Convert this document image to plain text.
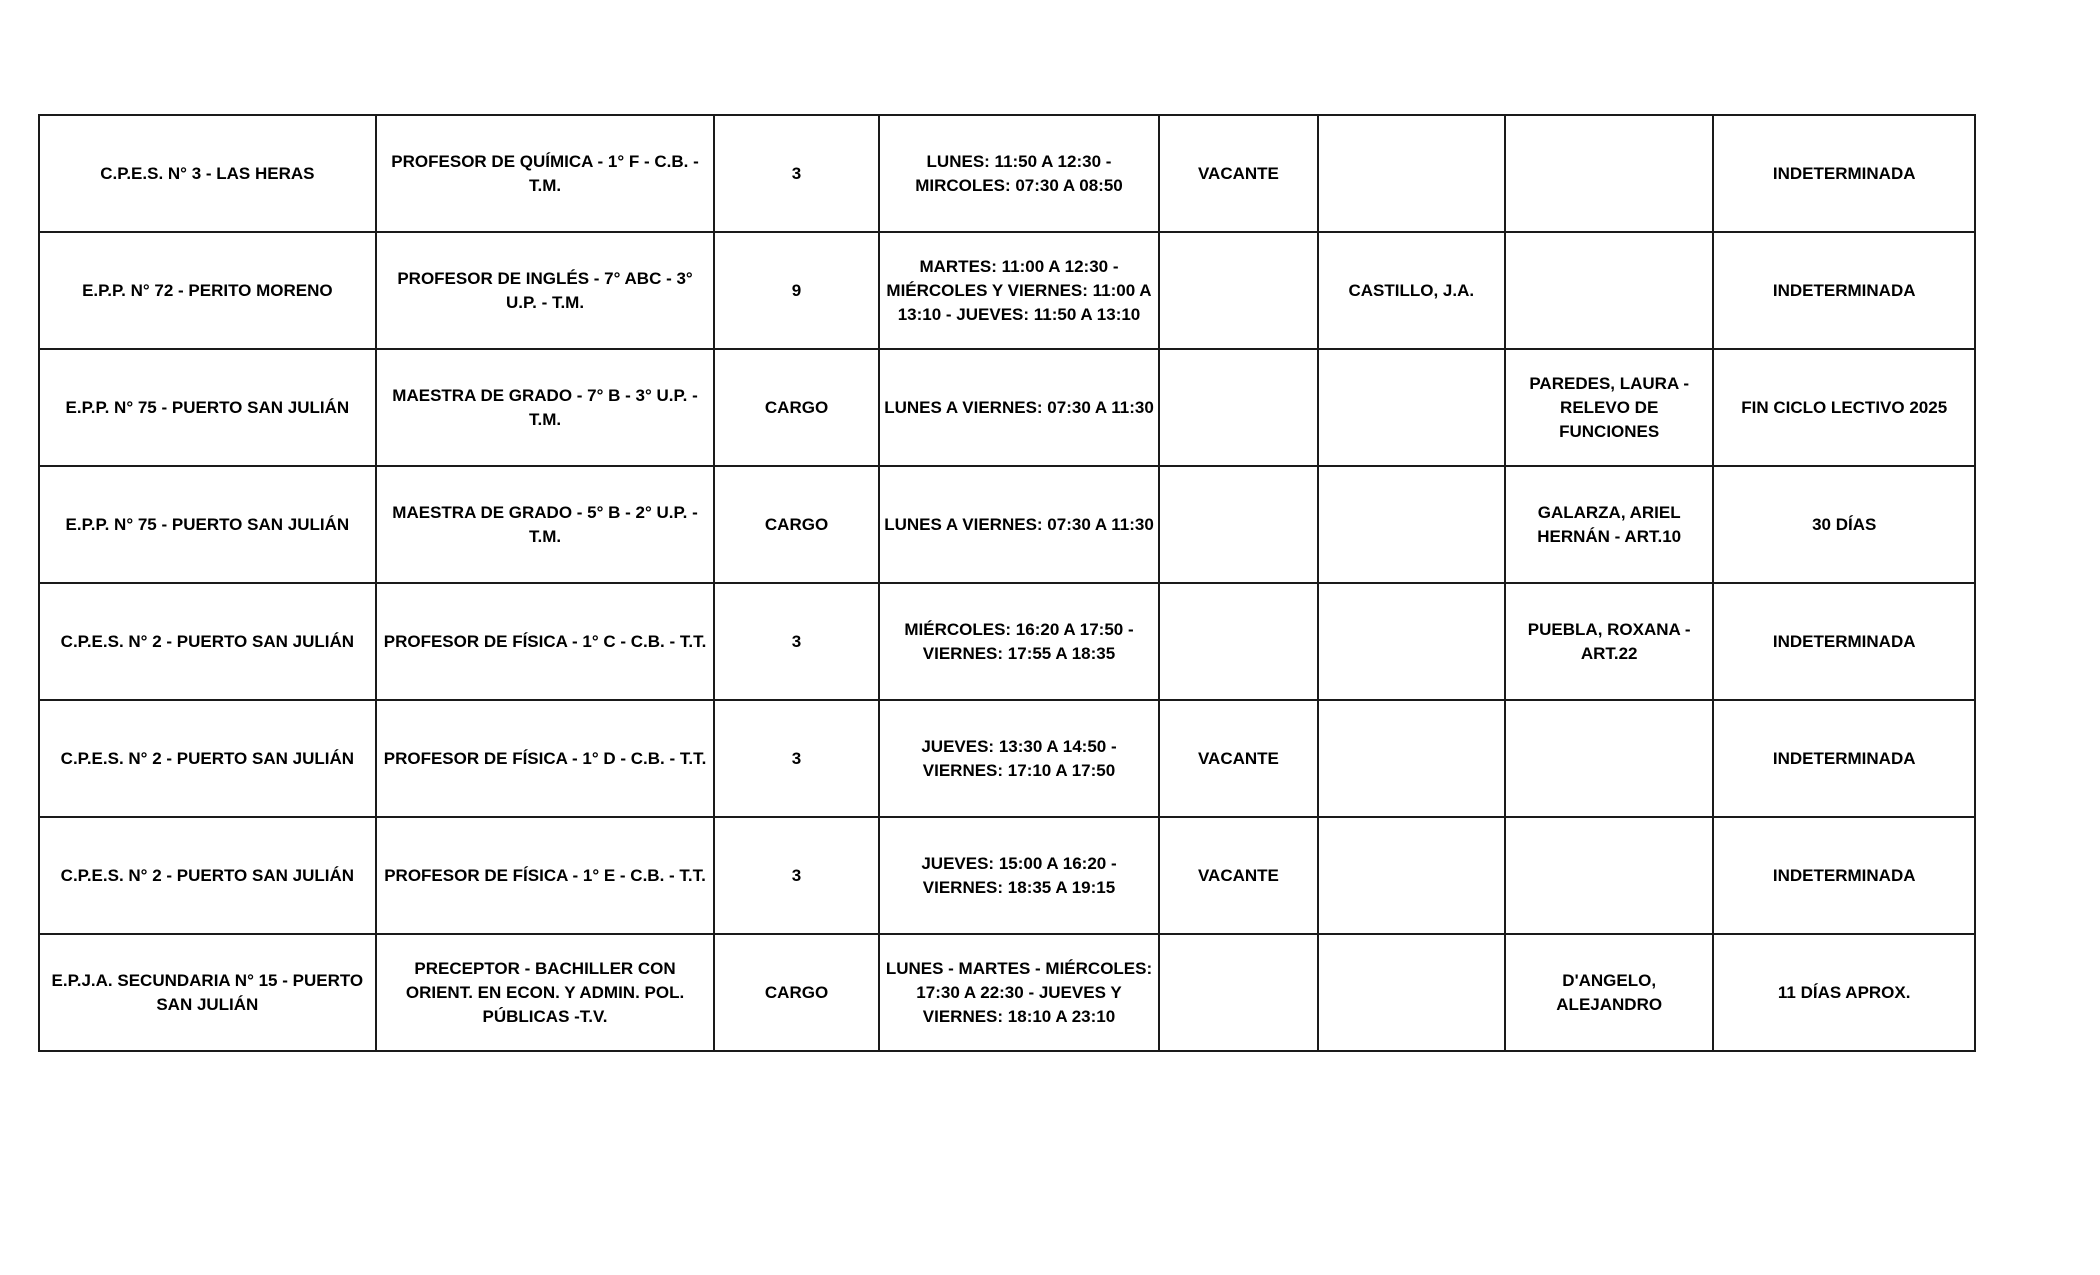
C.P.E.S. N° 3 - LAS HERAS	PROFESOR DE QUÍMICA - 1° F - C.B. - T.M.	3	LUNES: 11:50 A 12:30 - MIRCOLES: 07:30 A 08:50	VACANTE			INDETERMINADA
E.P.P. N° 72 - PERITO MORENO	PROFESOR DE INGLÉS - 7° ABC - 3° U.P. - T.M.	9	MARTES: 11:00 A 12:30 - MIÉRCOLES Y VIERNES: 11:00 A 13:10 - JUEVES: 11:50 A 13:10		CASTILLO, J.A.		INDETERMINADA
E.P.P. N° 75 - PUERTO SAN JULIÁN	MAESTRA DE GRADO - 7° B - 3° U.P. - T.M.	CARGO	LUNES A VIERNES: 07:30 A 11:30			PAREDES, LAURA - RELEVO DE FUNCIONES	FIN CICLO LECTIVO 2025
E.P.P. N° 75 - PUERTO SAN JULIÁN	MAESTRA DE GRADO - 5° B - 2° U.P. - T.M.	CARGO	LUNES A VIERNES: 07:30 A 11:30			GALARZA, ARIEL HERNÁN - ART.10	30 DÍAS
C.P.E.S. N° 2 - PUERTO SAN JULIÁN	PROFESOR DE FÍSICA - 1° C - C.B. - T.T.	3	MIÉRCOLES: 16:20 A 17:50 - VIERNES: 17:55 A 18:35			PUEBLA, ROXANA - ART.22	INDETERMINADA
C.P.E.S. N° 2 - PUERTO SAN JULIÁN	PROFESOR DE FÍSICA - 1° D - C.B. - T.T.	3	JUEVES: 13:30 A 14:50 - VIERNES: 17:10 A 17:50	VACANTE			INDETERMINADA
C.P.E.S. N° 2 - PUERTO SAN JULIÁN	PROFESOR DE FÍSICA - 1° E - C.B. - T.T.	3	JUEVES: 15:00 A 16:20 - VIERNES: 18:35 A 19:15	VACANTE			INDETERMINADA
E.P.J.A. SECUNDARIA N° 15 - PUERTO SAN JULIÁN	PRECEPTOR - BACHILLER CON ORIENT. EN ECON. Y ADMIN. POL. PÚBLICAS -T.V.	CARGO	LUNES - MARTES - MIÉRCOLES: 17:30 A 22:30 - JUEVES Y VIERNES: 18:10 A 23:10			D'ANGELO, ALEJANDRO	11 DÍAS APROX.
